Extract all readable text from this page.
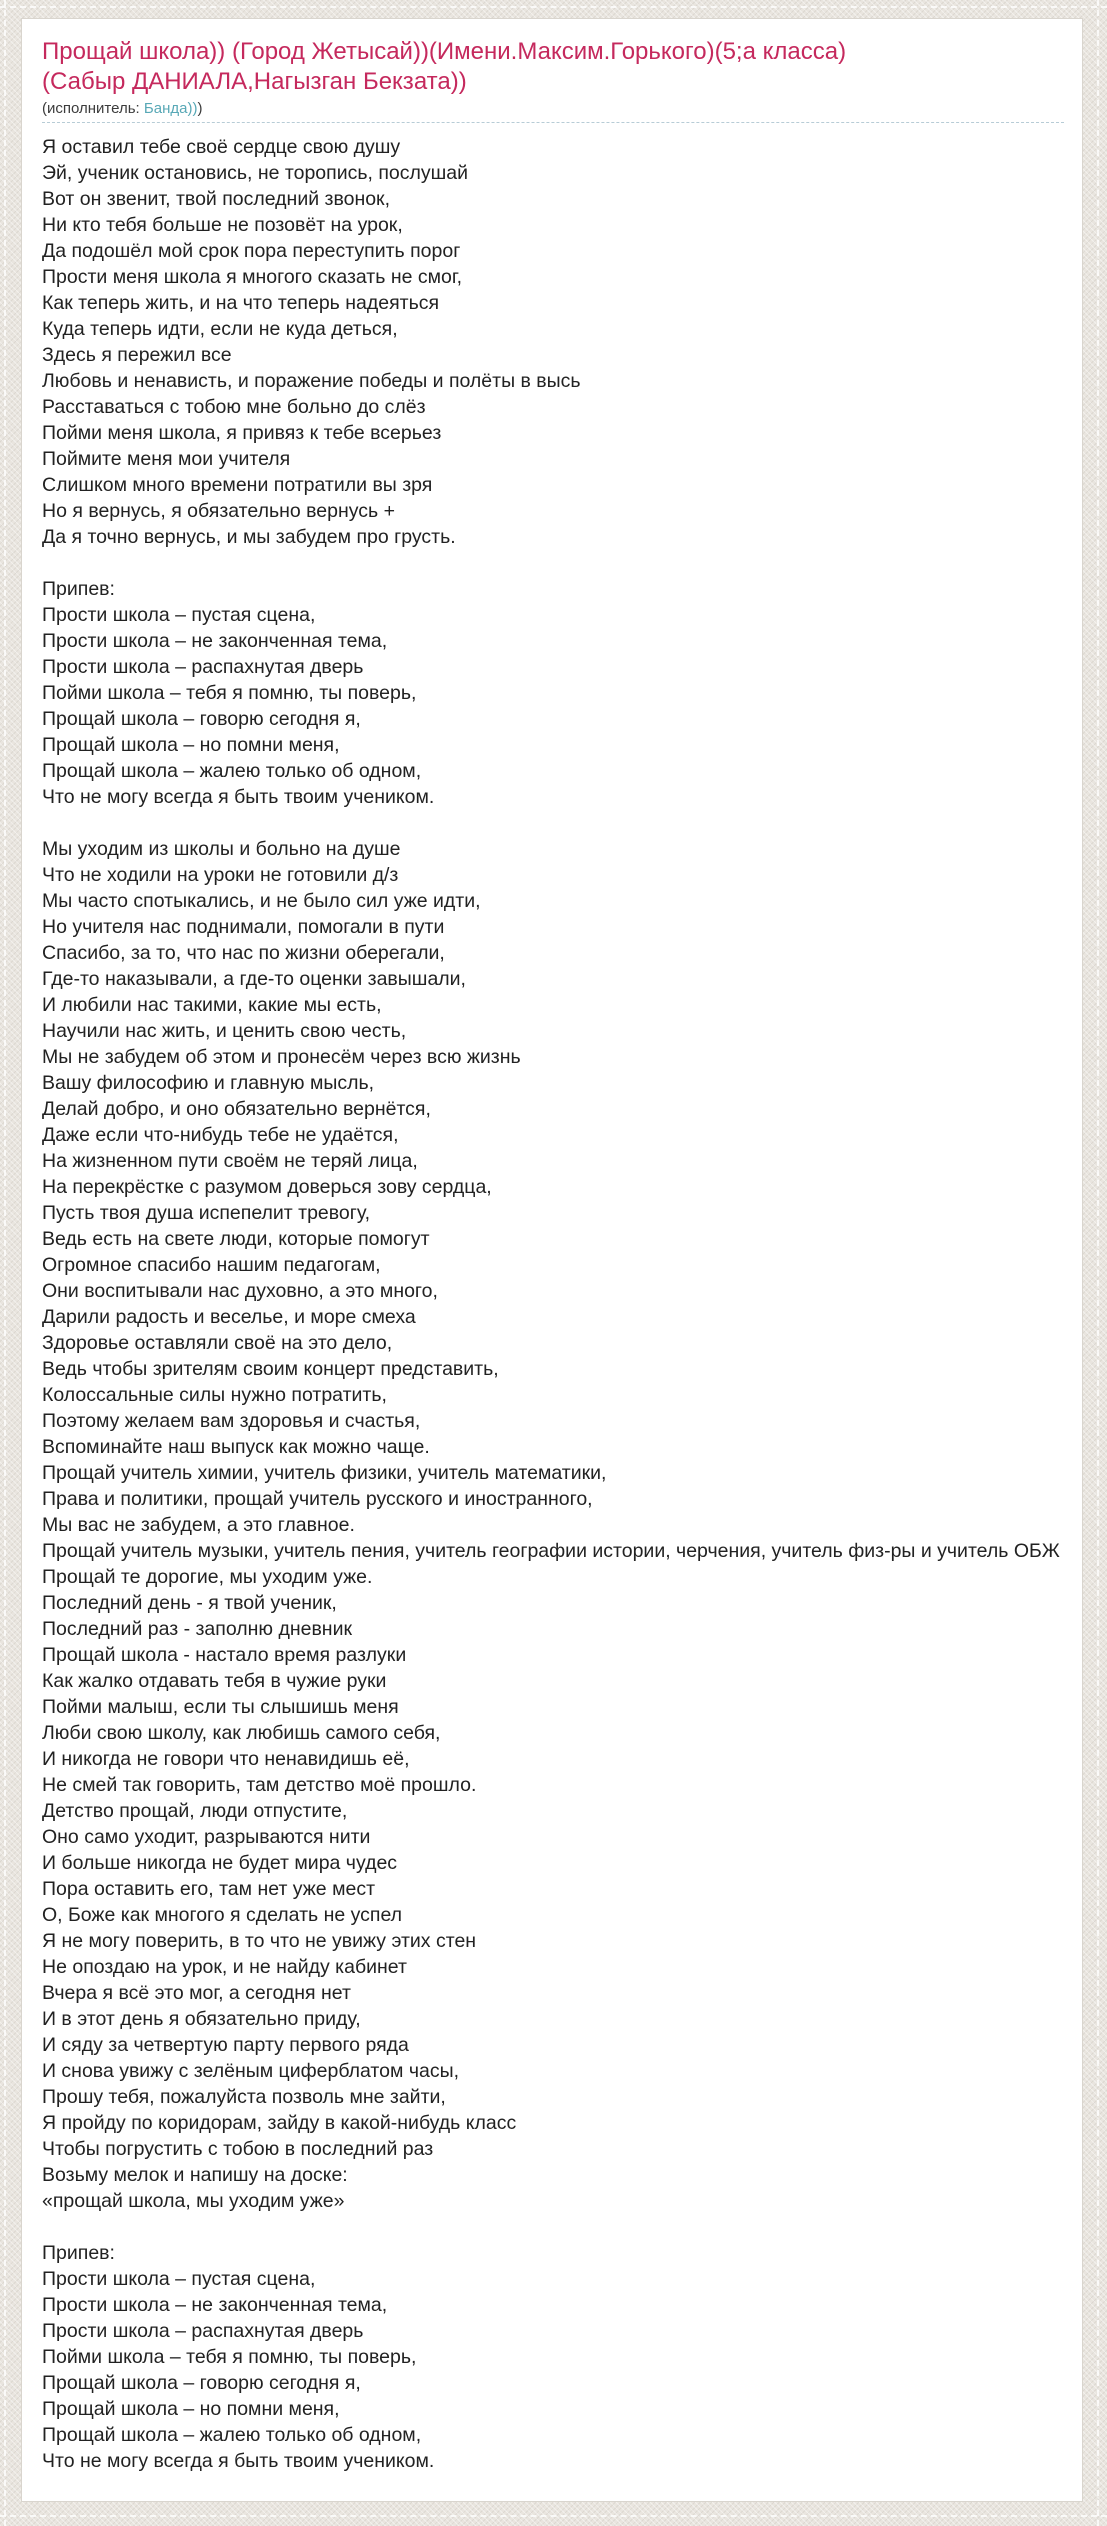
Прощай школа)) (Город Жетысай))(Имени.Максим.Горького)(5;а класса)(Сабыр ДАНИАЛА,Нагызган Бекзата))
(исполнитель: Банда)))
Я оставил тебе своё сердце свою душу
Эй, ученик остановись, не торопись, послушай
Вот он звенит, твой последний звонок,
Ни кто тебя больше не позовёт на урок,
Да подошёл мой срок пора переступить порог
Прости меня школа я многого сказать не смог,
Как теперь жить, и на что теперь надеяться
Куда теперь идти, если не куда деться,
Здесь я пережил все
Любовь и ненависть, и поражение победы и полёты в высь
Расставаться с тобою мне больно до слёз
Пойми меня школа, я привяз к тебе всерьез
Поймите меня мои учителя
Слишком много времени потратили вы зря
Но я вернусь, я обязательно вернусь +
Да я точно вернусь, и мы забудем про грусть.

Припев:
Прости школа – пустая сцена,
Прости школа – не законченная тема,
Прости школа – распахнутая дверь
Пойми школа – тебя я помню, ты поверь,
Прощай школа – говорю сегодня я,
Прощай школа – но помни меня,
Прощай школа – жалею только об одном,
Что не могу всегда я быть твоим учеником.

Мы уходим из школы и больно на душе
Что не ходили на уроки не готовили д/з
Мы часто спотыкались, и не было сил уже идти,
Но учителя нас поднимали, помогали в пути
Спасибо, за то, что нас по жизни оберегали,
Где-то наказывали, а где-то оценки завышали,
И любили нас такими, какие мы есть,
Научили нас жить, и ценить свою честь,
Мы не забудем об этом и пронесём через всю жизнь
Вашу философию и главную мысль,
Делай добро, и оно обязательно вернётся,
Даже если что-нибудь тебе не удаётся,
На жизненном пути своём не теряй лица,
На перекрёстке с разумом доверься зову сердца,
Пусть твоя душа испепелит тревогу,
Ведь есть на свете люди, которые помогут
Огромное спасибо нашим педагогам,
Они воспитывали нас духовно, а это много,
Дарили радость и веселье, и море смеха
Здоровье оставляли своё на это дело,
Ведь чтобы зрителям своим концерт представить,
Колоссальные силы нужно потратить,
Поэтому желаем вам здоровья и счастья,
Вспоминайте наш выпуск как можно чаще.
Прощай учитель химии, учитель физики, учитель математики,
Права и политики, прощай учитель русского и иностранного,
Мы вас не забудем, а это главное.
Прощай учитель музыки, учитель пения, учитель географии истории, черчения, учитель физ-ры и учитель ОБЖ
Прощай те дорогие, мы уходим уже.
Последний день - я твой ученик,
Последний раз - заполню дневник
Прощай школа - настало время разлуки
Как жалко отдавать тебя в чужие руки
Пойми малыш, если ты слышишь меня
Люби свою школу, как любишь самого себя,
И никогда не говори что ненавидишь её,
Не смей так говорить, там детство моё прошло.
Детство прощай, люди отпустите,
Оно само уходит, разрываются нити
И больше никогда не будет мира чудес
Пора оставить его, там нет уже мест
О, Боже как многого я сделать не успел
Я не могу поверить, в то что не увижу этих стен
Не опоздаю на урок, и не найду кабинет
Вчера я всё это мог, а сегодня нет
И в этот день я обязательно приду,
И сяду за четвертую парту первого ряда
И снова увижу с зелёным циферблатом часы,
Прошу тебя, пожалуйста позволь мне зайти,
Я пройду по коридорам, зайду в какой-нибудь класс
Чтобы погрустить с тобою в последний раз
Возьму мелок и напишу на доске:
«прощай школа, мы уходим уже»

Припев:
Прости школа – пустая сцена,
Прости школа – не законченная тема,
Прости школа – распахнутая дверь
Пойми школа – тебя я помню, ты поверь,
Прощай школа – говорю сегодня я,
Прощай школа – но помни меня,
Прощай школа – жалею только об одном,
Что не могу всегда я быть твоим учеником.
